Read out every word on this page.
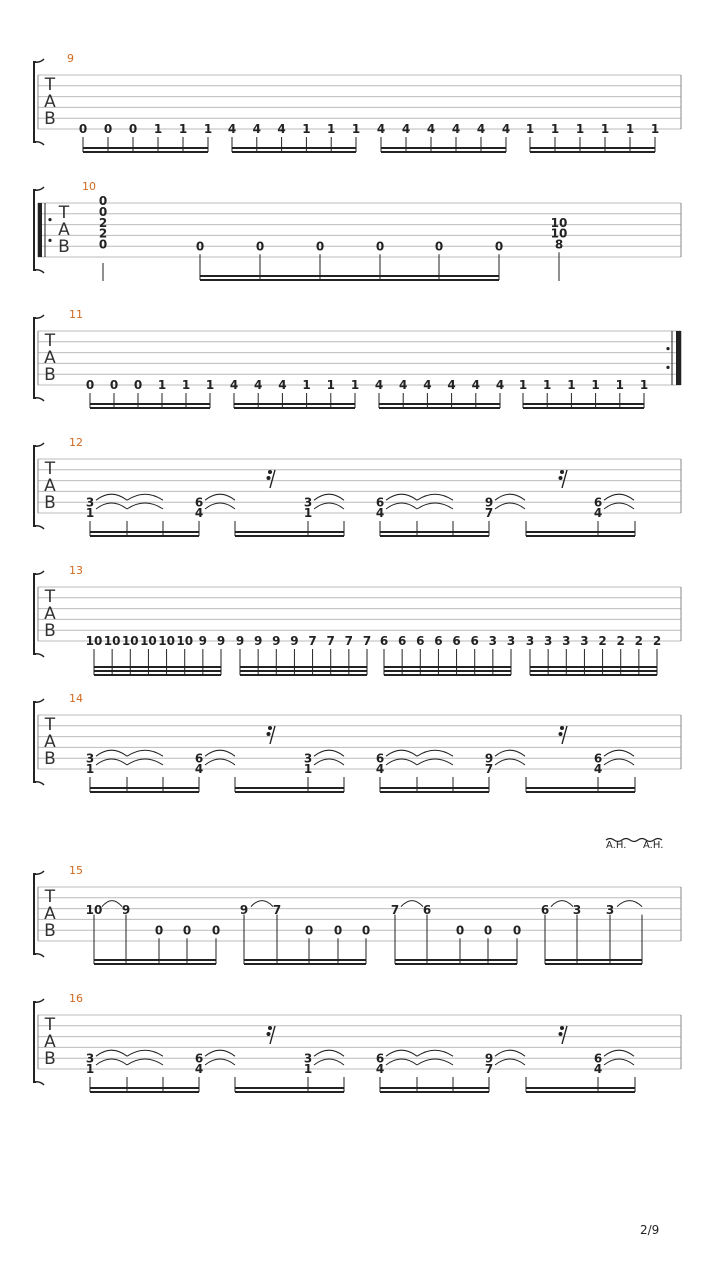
T
A
B
9
0 0 0 1 1 1 4 4 4 1 1 1 4 4 4 4 4 4 1 1 1 1 1 1
T
A
B
10
0
0
2
2
0	0	0	0	0	0	0
10
10
8
T
A
B
11
0 0 0 1 1 1 4 4 4 1 1 1 4 4 4 4 4 4 1 1 1 1 1 1
T
A
B
12
3
1
6
4
3
1
6
4
9
7
6
4
T
A
B
13
10 10 10 10 10 10 9 9 9 9 9 9 7 7 7 7 6 6 6 6 6 6 3 3 3 3 3 3 2 2 2 2
T
A
B
14
3
1
6
4
3
1
6
4
9
7
6
4
T
A
B
15
10 9	9 7	7 6	6 3 3
0 0 0	0 0 0	0 0 0
A.H. A.H.
T
A
B
16
3
1
6
4
3
1
6
4
9
7
6
4
2/9
